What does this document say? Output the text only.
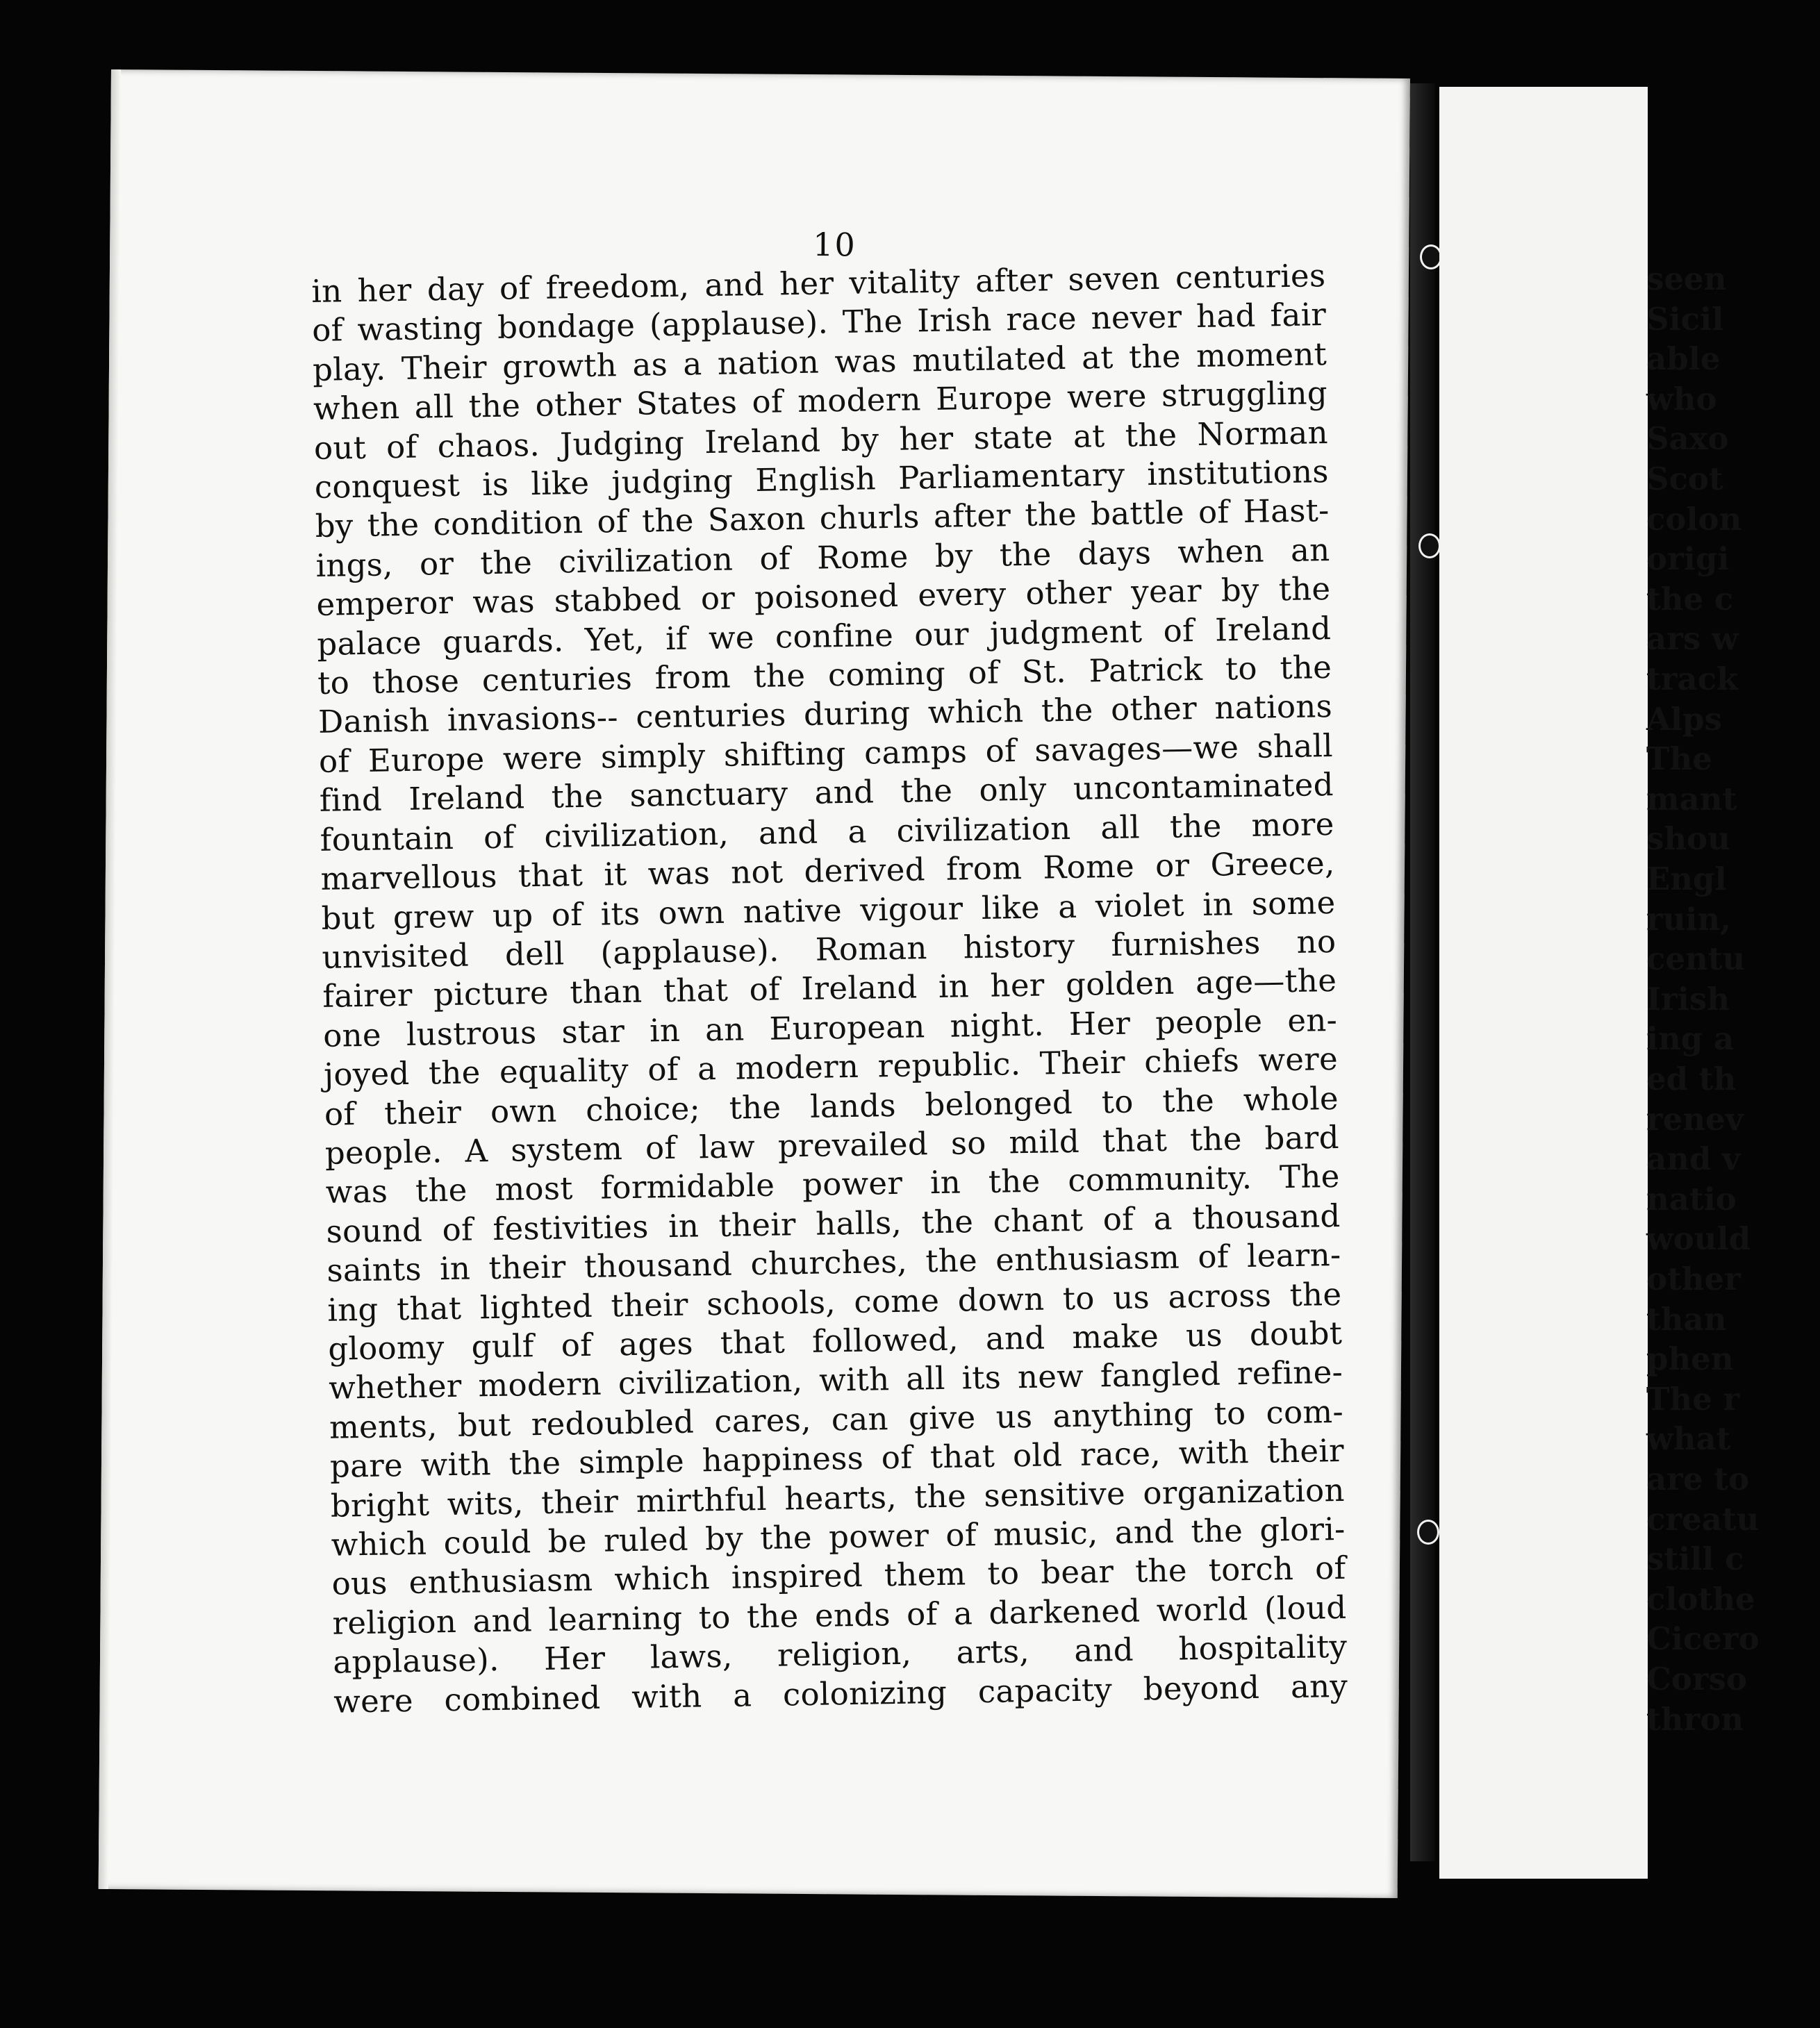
10
in her day of freedom, and her vitality after seven centuries
of wasting bondage (applause). The Irish race never had fair
play. Their growth as a nation was mutilated at the moment
when all the other States of modern Europe were struggling
out of chaos. Judging Ireland by her state at the Norman
conquest is like judging English Parliamentary institutions
by the condition of the Saxon churls after the battle of Hast-
ings, or the civilization of Rome by the days when an
emperor was stabbed or poisoned every other year by the
palace guards. Yet, if we confine our judgment of Ireland
to those centuries from the coming of St. Patrick to the
Danish invasions-- centuries during which the other nations
of Europe were simply shifting camps of savages—we shall
find Ireland the sanctuary and the only uncontaminated
fountain of civilization, and a civilization all the more
marvellous that it was not derived from Rome or Greece,
but grew up of its own native vigour like a violet in some
unvisited dell (applause). Roman history furnishes no
fairer picture than that of Ireland in her golden age—the
one lustrous star in an European night. Her people en-
joyed the equality of a modern republic. Their chiefs were
of their own choice; the lands belonged to the whole
people. A system of law prevailed so mild that the bard
was the most formidable power in the community. The
sound of festivities in their halls, the chant of a thousand
saints in their thousand churches, the enthusiasm of learn-
ing that lighted their schools, come down to us across the
gloomy gulf of ages that followed, and make us doubt
whether modern civilization, with all its new fangled refine-
ments, but redoubled cares, can give us anything to com-
pare with the simple happiness of that old race, with their
bright wits, their mirthful hearts, the sensitive organization
which could be ruled by the power of music, and the glori-
ous enthusiasm which inspired them to bear the torch of
religion and learning to the ends of a darkened world (loud
applause). Her laws, religion, arts, and hospitality
were combined with a colonizing capacity beyond any
seen
Sicil
able
who
Saxo
Scot
colon
origi
the c
ars w
track
Alps
The
mant
shou
Engl
ruin,
centu
Irish
ing a
ed th
renev
and v
natio
would
other
than
phen
The r
what
are to
creatu
still c
clothe
Cicero
Corso
thron
